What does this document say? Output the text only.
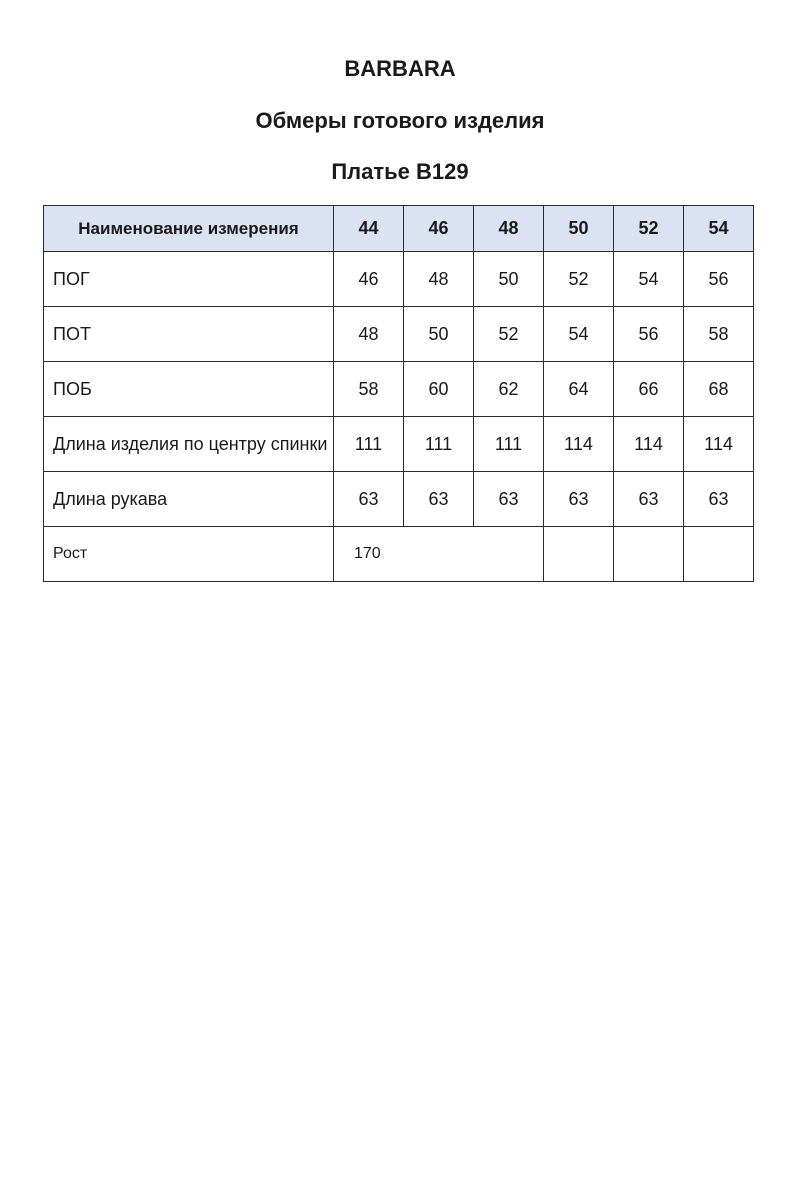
BARBARA
Обмеры готового изделия
Платье B129
Наименование измерения	44	46	48	50	52	54
ПОГ	46	48	50	52	54	56
ПОТ	48	50	52	54	56	58
ПОБ	58	60	62	64	66	68
Длина изделия по центру спинки	111	111	111	114	114	114
Длина рукава	63	63	63	63	63	63
Рост	170					
